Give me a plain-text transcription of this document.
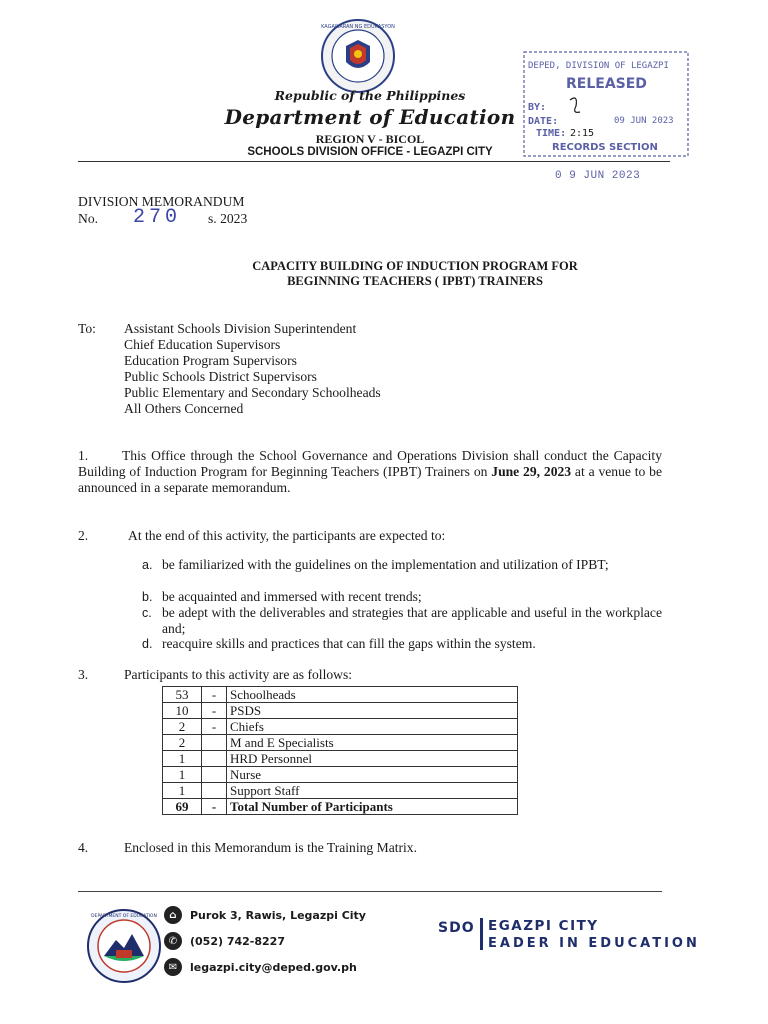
KAGAWARAN NG EDUKASYON
Republic of the Philippines
Department of Education
REGION V - BICOL
SCHOOLS DIVISION OFFICE - LEGAZPI CITY
DEPED, DIVISION OF LEGAZPI
RELEASED
BY:
DATE:	09 JUN 2023
TIME: 2:15
RECORDS SECTION
0 9 JUN 2023
DIVISION MEMORANDUM
No. 270 s. 2023
CAPACITY BUILDING OF INDUCTION PROGRAM FOR
BEGINNING TEACHERS ( IPBT) TRAINERS
To: Assistant Schools Division Superintendent
Chief Education Supervisors
Education Program Supervisors
Public Schools District Supervisors
Public Elementary and Secondary Schoolheads
All Others Concerned
1. This Office through the School Governance and Operations Division shall conduct the Capacity Building of Induction Program for Beginning Teachers (IPBT) Trainers on June 29, 2023 at a venue to be announced in a separate memorandum.
2.	At the end of this activity, the participants are expected to:
a. be familiarized with the guidelines on the implementation and utilization of IPBT;
b. be acquainted and immersed with recent trends;
c. be adept with the deliverables and strategies that are applicable and useful in the workplace and;
d. reacquire skills and practices that can fill the gaps within the system.
3.	Participants to this activity are as follows:
53	-	Schoolheads
10	-	PSDS
2	-	Chiefs
2		M and E Specialists
1		HRD Personnel
1		Nurse
1		Support Staff
69	-	Total Number of Participants
4.	Enclosed in this Memorandum is the Training Matrix.
DEPARTMENT OF EDUCATION	⌂	Purok 3, Rawis, Legazpi City
✆	(052) 742-8227
✉	legazpi.city@deped.gov.ph
SDO EGAZPI CITY
EADER IN EDUCATION
